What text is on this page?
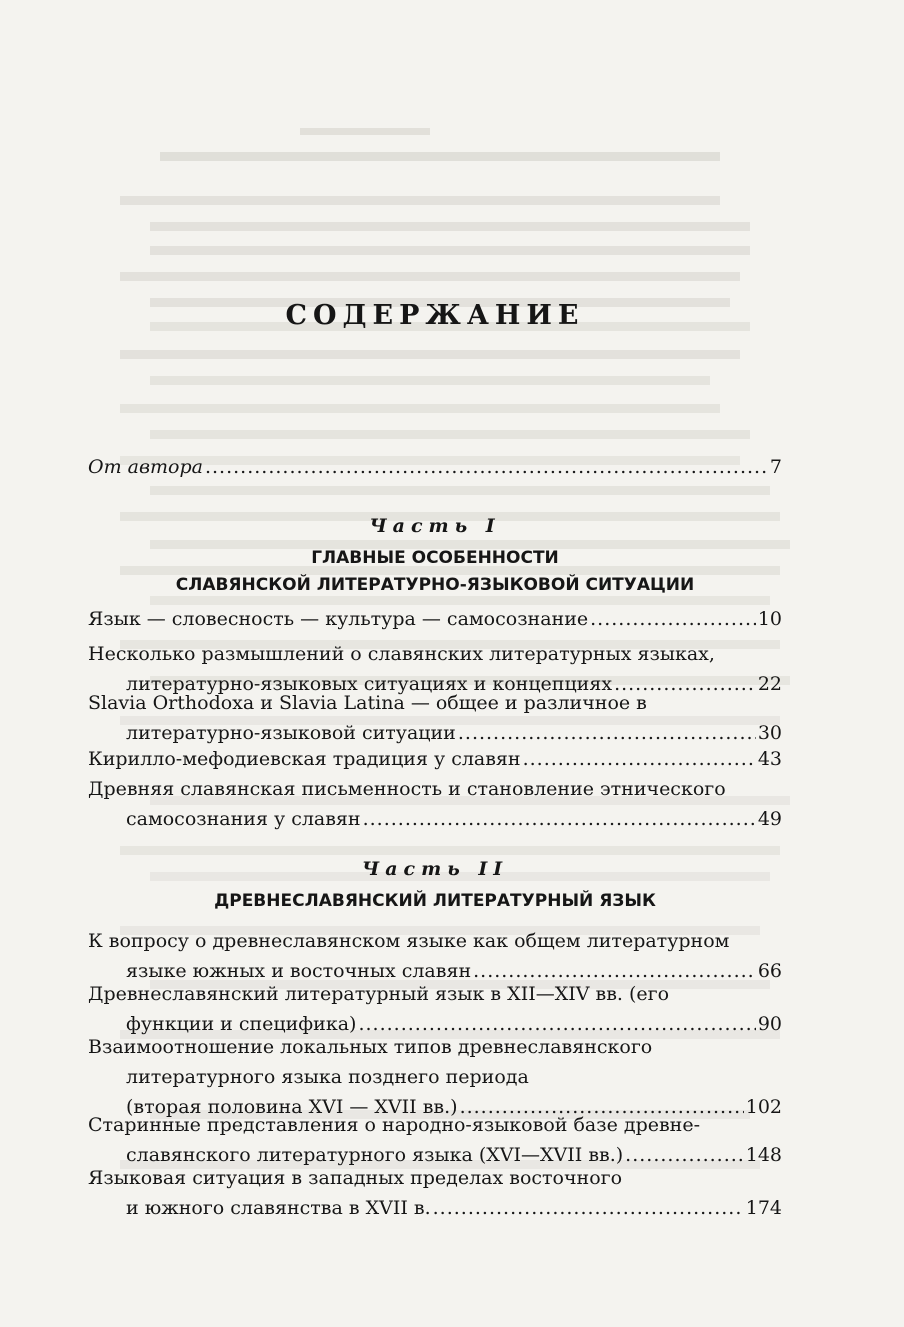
СОДЕРЖАНИЕ
От автора .....	7
Часть I
ГЛАВНЫЕ ОСОБЕННОСТИ
СЛАВЯНСКОЙ ЛИТЕРАТУРНО-ЯЗЫКОВОЙ СИТУАЦИИ
Язык — словесность — культура — самосознание .....	10
Несколько размышлений о славянских литературных языках,
литературно-языковых ситуациях и концепциях .....	22
Slavia Orthodoxa и Slavia Latina — общее и различное в
литературно-языковой ситуации .....	30
Кирилло-мефодиевская традиция у славян .....	43
Древняя славянская письменность и становление этнического
самосознания у славян .....	49
Часть II
ДРЕВНЕСЛАВЯНСКИЙ ЛИТЕРАТУРНЫЙ ЯЗЫК
К вопросу о древнеславянском языке как общем литературном
языке южных и восточных славян .....	66
Древнеславянский литературный язык в XII—XIV вв. (его
функции и специфика) .....	90
Взаимоотношение локальных типов древнеславянского
литературного языка позднего периода
(вторая половина XVI — XVII вв.) .....	102
Старинные представления о народно-языковой базе древне-
славянского литературного языка (XVI—XVII вв.) .....	148
Языковая ситуация в западных пределах восточного
и южного славянства в XVII в. .....	174
